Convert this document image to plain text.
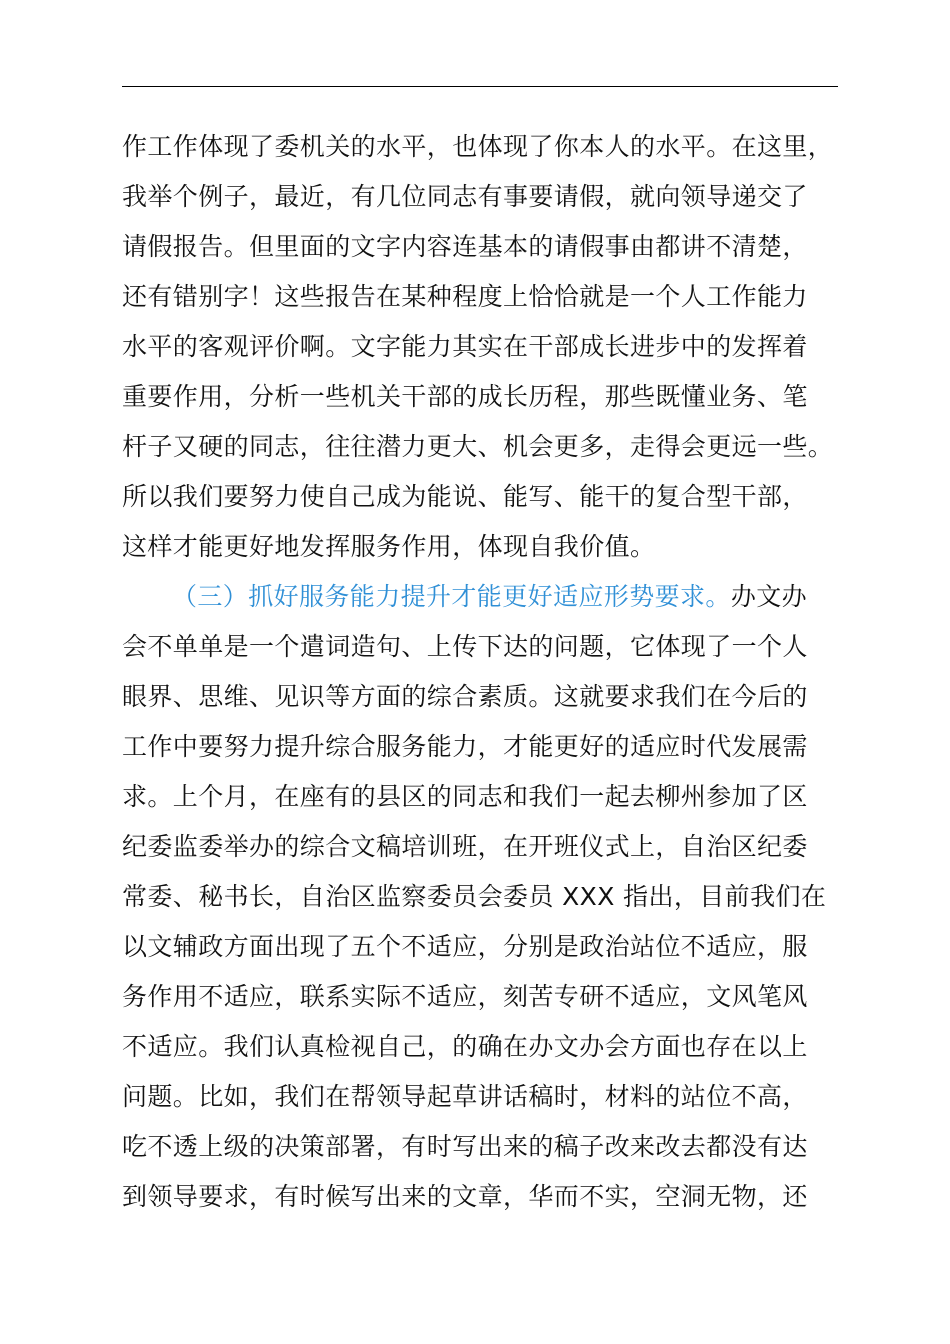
作工作体现了委机关的水平，也体现了你本人的水平。在这里，
我举个例子，最近，有几位同志有事要请假，就向领导递交了
请假报告。但里面的文字内容连基本的请假事由都讲不清楚，
还有错别字！这些报告在某种程度上恰恰就是一个人工作能力
水平的客观评价啊。文字能力其实在干部成长进步中的发挥着
重要作用，分析一些机关干部的成长历程，那些既懂业务、笔
杆子又硬的同志，往往潜力更大、机会更多，走得会更远一些。
所以我们要努力使自己成为能说、能写、能干的复合型干部，
这样才能更好地发挥服务作用，体现自我价值。
（三）抓好服务能力提升才能更好适应形势要求。办文办
会不单单是一个遣词造句、上传下达的问题，它体现了一个人
眼界、思维、见识等方面的综合素质。这就要求我们在今后的
工作中要努力提升综合服务能力，才能更好的适应时代发展需
求。上个月，在座有的县区的同志和我们一起去柳州参加了区
纪委监委举办的综合文稿培训班，在开班仪式上，自治区纪委
常委、秘书长，自治区监察委员会委员 XXX 指出，目前我们在
以文辅政方面出现了五个不适应，分别是政治站位不适应，服
务作用不适应，联系实际不适应，刻苦专研不适应，文风笔风
不适应。我们认真检视自己，的确在办文办会方面也存在以上
问题。比如，我们在帮领导起草讲话稿时，材料的站位不高，
吃不透上级的决策部署，有时写出来的稿子改来改去都没有达
到领导要求，有时候写出来的文章，华而不实，空洞无物，还
